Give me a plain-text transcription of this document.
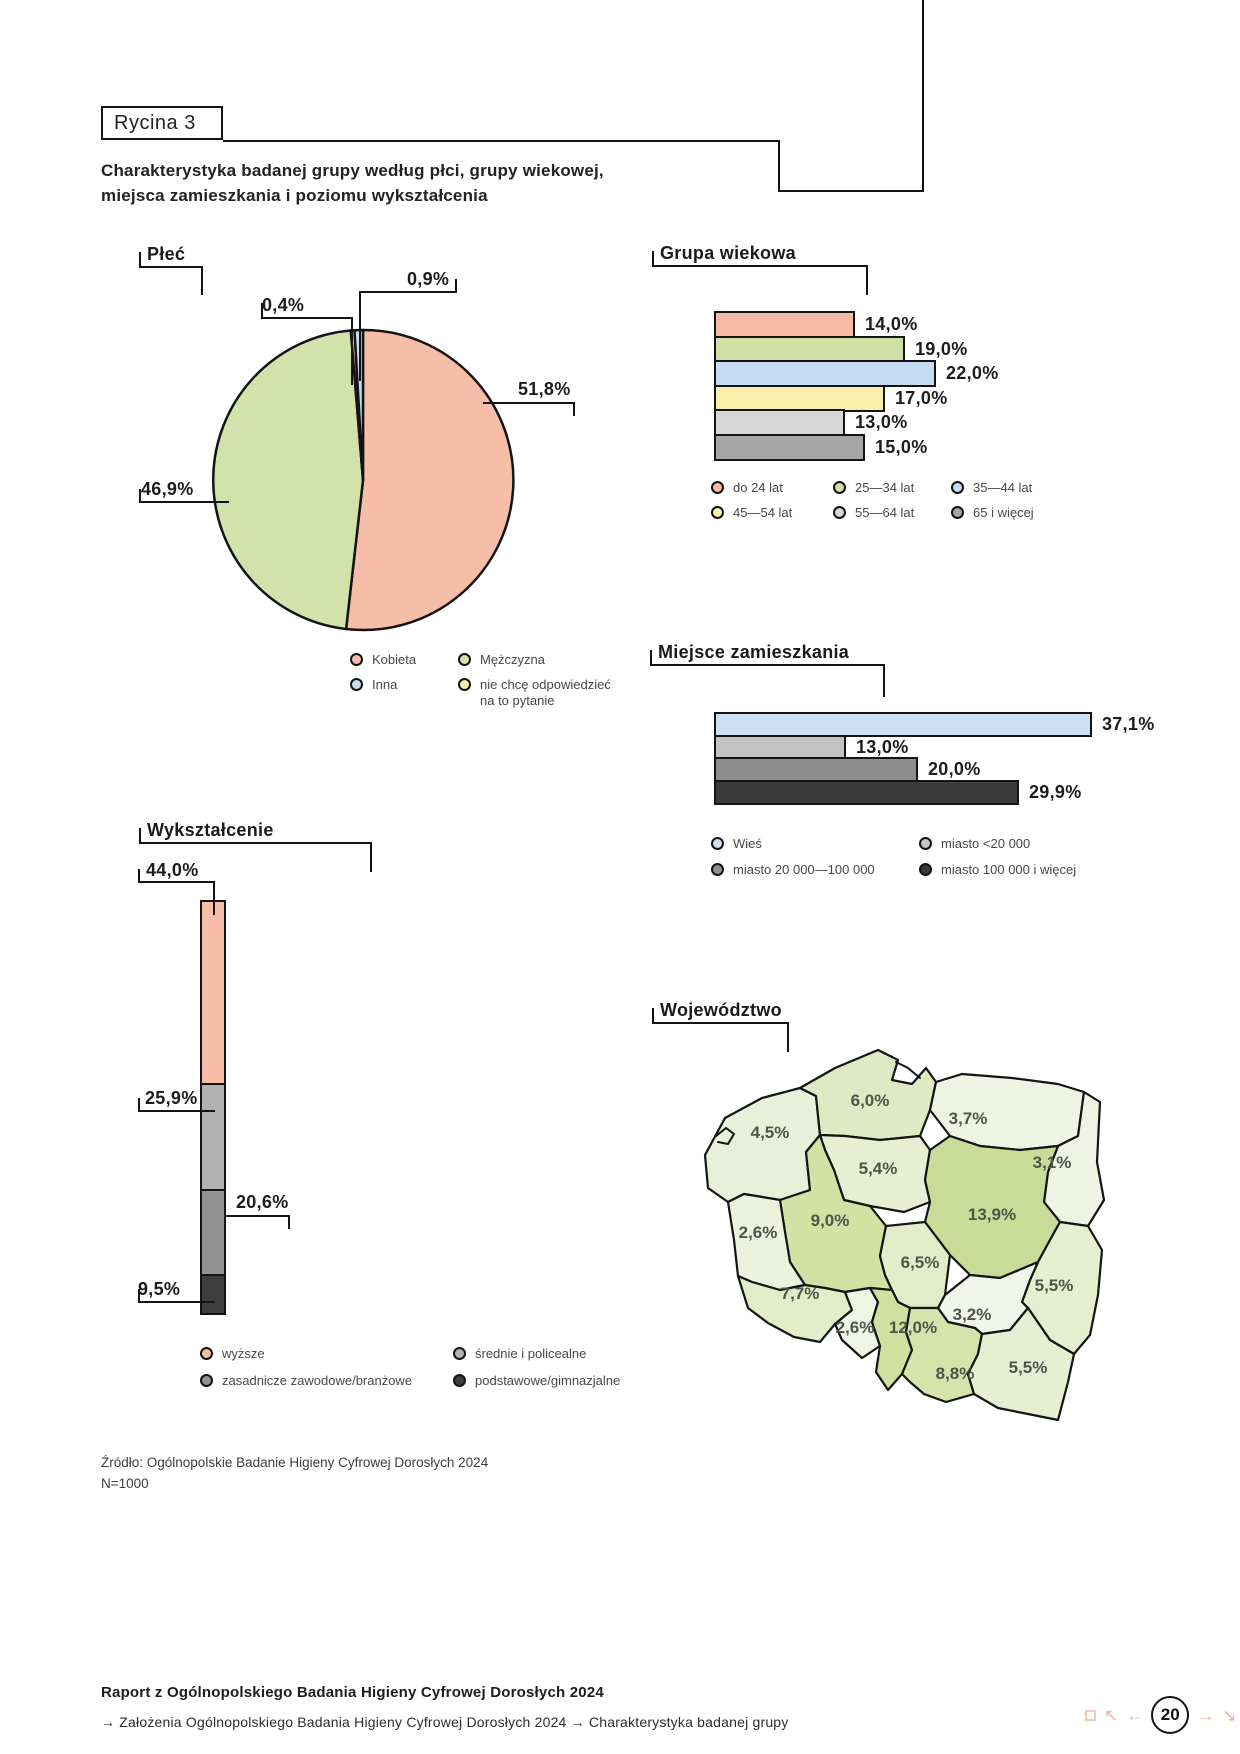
Rycina 3
Charakterystyka badanej grupy według płci, grupy wiekowej,
miejsca zamieszkania i poziomu wykształcenia
Płeć
0,4%
0,9%
51,8%
46,9%
Kobieta	Mężczyzna
Inna	nie chcę odpowiedzieć na to pytanie
Grupa wiekowa
14,0%
19,0%
22,0%
17,0%
13,0%
15,0%
do 24 lat	25—34 lat	35—44 lat
45—54 lat	55—64 lat	65 i więcej
Miejsce zamieszkania
37,1%
13,0%
20,0%
29,9%
Wieś	miasto <20 000
miasto 20 000—100 000	miasto 100 000 i więcej
Wykształcenie
44,0%
25,9%
20,6%
9,5%
wyższe	średnie i policealne
zasadnicze zawodowe/branżowe	podstawowe/gimnazjalne
Województwo
4,5%
6,0%
3,7%
3,1%
5,4%
9,0%	13,9%
2,6%
6,5%
5,5%
7,7%
2,6% 12,0%
3,2%
8,8% 5,5%
Źródło: Ogólnopolskie Badanie Higieny Cyfrowej Dorosłych 2024
N=1000
Raport z Ogólnopolskiego Badania Higieny Cyfrowej Dorosłych 2024
→ Założenia Ogólnopolskiego Badania Higieny Cyfrowej Dorosłych 2024 → Charakterystyka badanej grupy	↖ ← 20 → ↘
